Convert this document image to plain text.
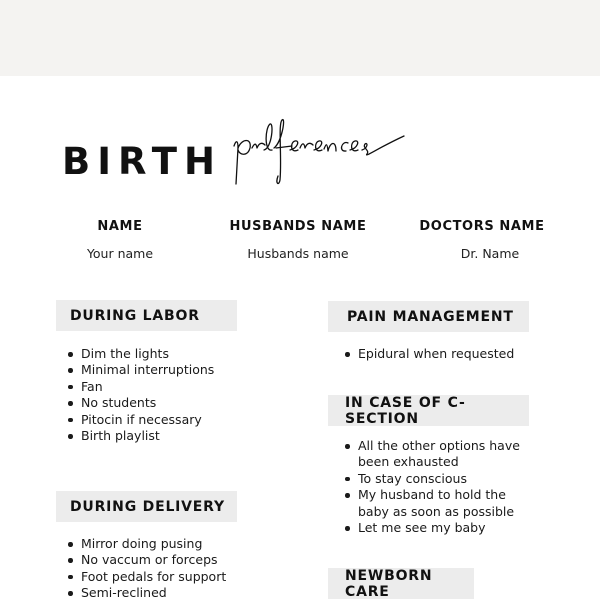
BIRTH
NAME
Your name
HUSBANDS NAME
Husbands name
DOCTORS NAME
Dr. Name
DURING LABOR
Dim the lights
Minimal interruptions
Fan
No students
Pitocin if necessary
Birth playlist
DURING DELIVERY
Mirror doing pusing
No vaccum or forceps
Foot pedals for support
Semi-reclined
PAIN MANAGEMENT
Epidural when requested
IN CASE OF C-SECTION
All the other options have been exhausted
To stay conscious
My husband to hold the baby as soon as possible
Let me see my baby
NEWBORN CARE
